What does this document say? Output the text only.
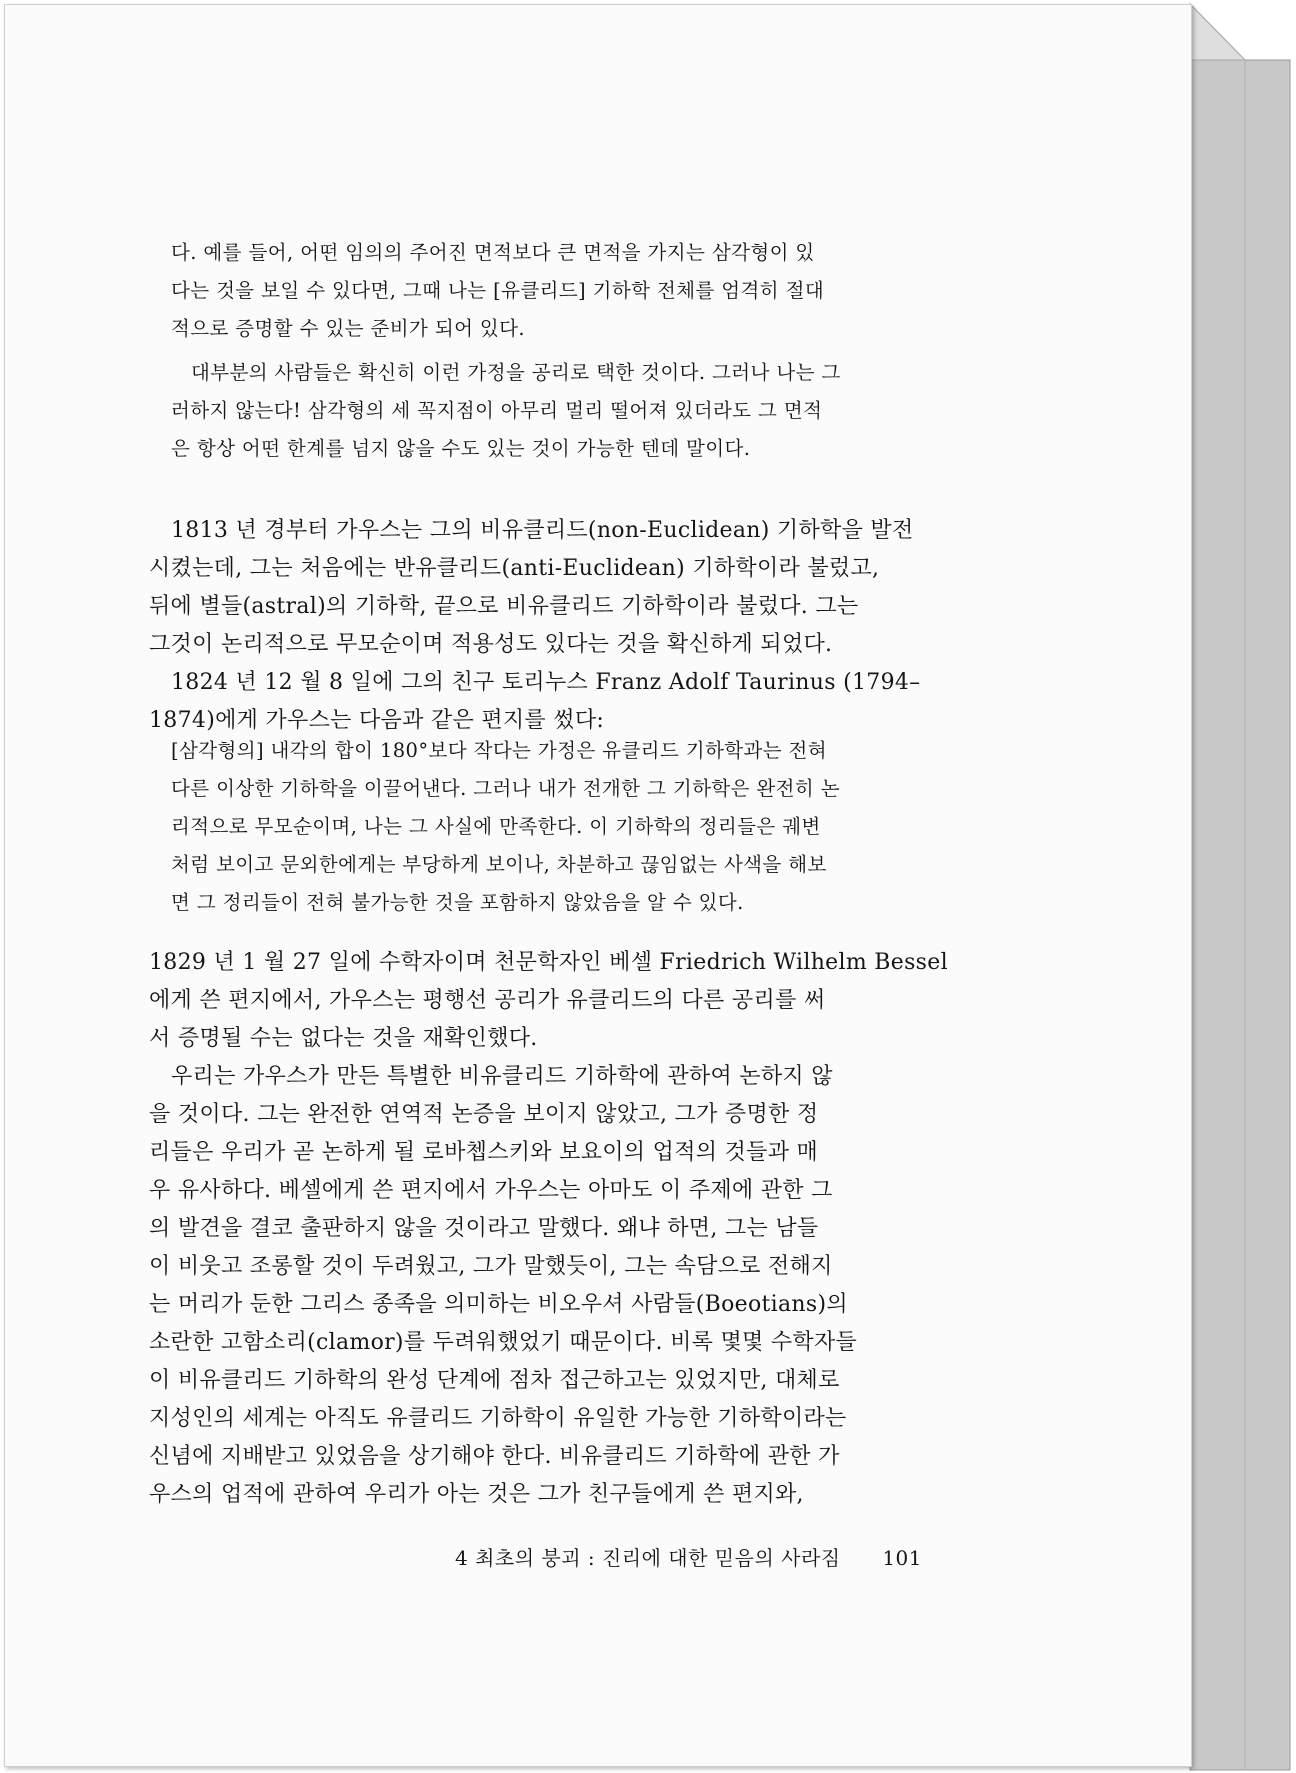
다. 예를 들어, 어떤 임의의 주어진 면적보다 큰 면적을 가지는 삼각형이 있
다는 것을 보일 수 있다면, 그때 나는 [유클리드] 기하학 전체를 엄격히 절대
적으로 증명할 수 있는 준비가 되어 있다.
대부분의 사람들은 확신히 이런 가정을 공리로 택한 것이다. 그러나 나는 그
러하지 않는다! 삼각형의 세 꼭지점이 아무리 멀리 떨어져 있더라도 그 면적
은 항상 어떤 한계를 넘지 않을 수도 있는 것이 가능한 텐데 말이다.
1813 년 경부터 가우스는 그의 비유클리드(non-Euclidean) 기하학을 발전
시켰는데, 그는 처음에는 반유클리드(anti-Euclidean) 기하학이라 불렀고,
뒤에 별들(astral)의 기하학, 끝으로 비유클리드 기하학이라 불렀다. 그는
그것이 논리적으로 무모순이며 적용성도 있다는 것을 확신하게 되었다.
1824 년 12 월 8 일에 그의 친구 토리누스 Franz Adolf Taurinus (1794–
1874)에게 가우스는 다음과 같은 편지를 썼다:
[삼각형의] 내각의 합이 180°보다 작다는 가정은 유클리드 기하학과는 전혀
다른 이상한 기하학을 이끌어낸다. 그러나 내가 전개한 그 기하학은 완전히 논
리적으로 무모순이며, 나는 그 사실에 만족한다. 이 기하학의 정리들은 궤변
처럼 보이고 문외한에게는 부당하게 보이나, 차분하고 끊임없는 사색을 해보
면 그 정리들이 전혀 불가능한 것을 포함하지 않았음을 알 수 있다.
1829 년 1 월 27 일에 수학자이며 천문학자인 베셀 Friedrich Wilhelm Bessel
에게 쓴 편지에서, 가우스는 평행선 공리가 유클리드의 다른 공리를 써
서 증명될 수는 없다는 것을 재확인했다.
우리는 가우스가 만든 특별한 비유클리드 기하학에 관하여 논하지 않
을 것이다. 그는 완전한 연역적 논증을 보이지 않았고, 그가 증명한 정
리들은 우리가 곧 논하게 될 로바쳅스키와 보요이의 업적의 것들과 매
우 유사하다. 베셀에게 쓴 편지에서 가우스는 아마도 이 주제에 관한 그
의 발견을 결코 출판하지 않을 것이라고 말했다. 왜냐 하면, 그는 남들
이 비웃고 조롱할 것이 두려웠고, 그가 말했듯이, 그는 속담으로 전해지
는 머리가 둔한 그리스 종족을 의미하는 비오우셔 사람들(Boeotians)의
소란한 고함소리(clamor)를 두려워했었기 때문이다. 비록 몇몇 수학자들
이 비유클리드 기하학의 완성 단계에 점차 접근하고는 있었지만, 대체로
지성인의 세계는 아직도 유클리드 기하학이 유일한 가능한 기하학이라는
신념에 지배받고 있었음을 상기해야 한다. 비유클리드 기하학에 관한 가
우스의 업적에 관하여 우리가 아는 것은 그가 친구들에게 쓴 편지와,
4 최초의 붕괴 : 진리에 대한 믿음의 사라짐 101
